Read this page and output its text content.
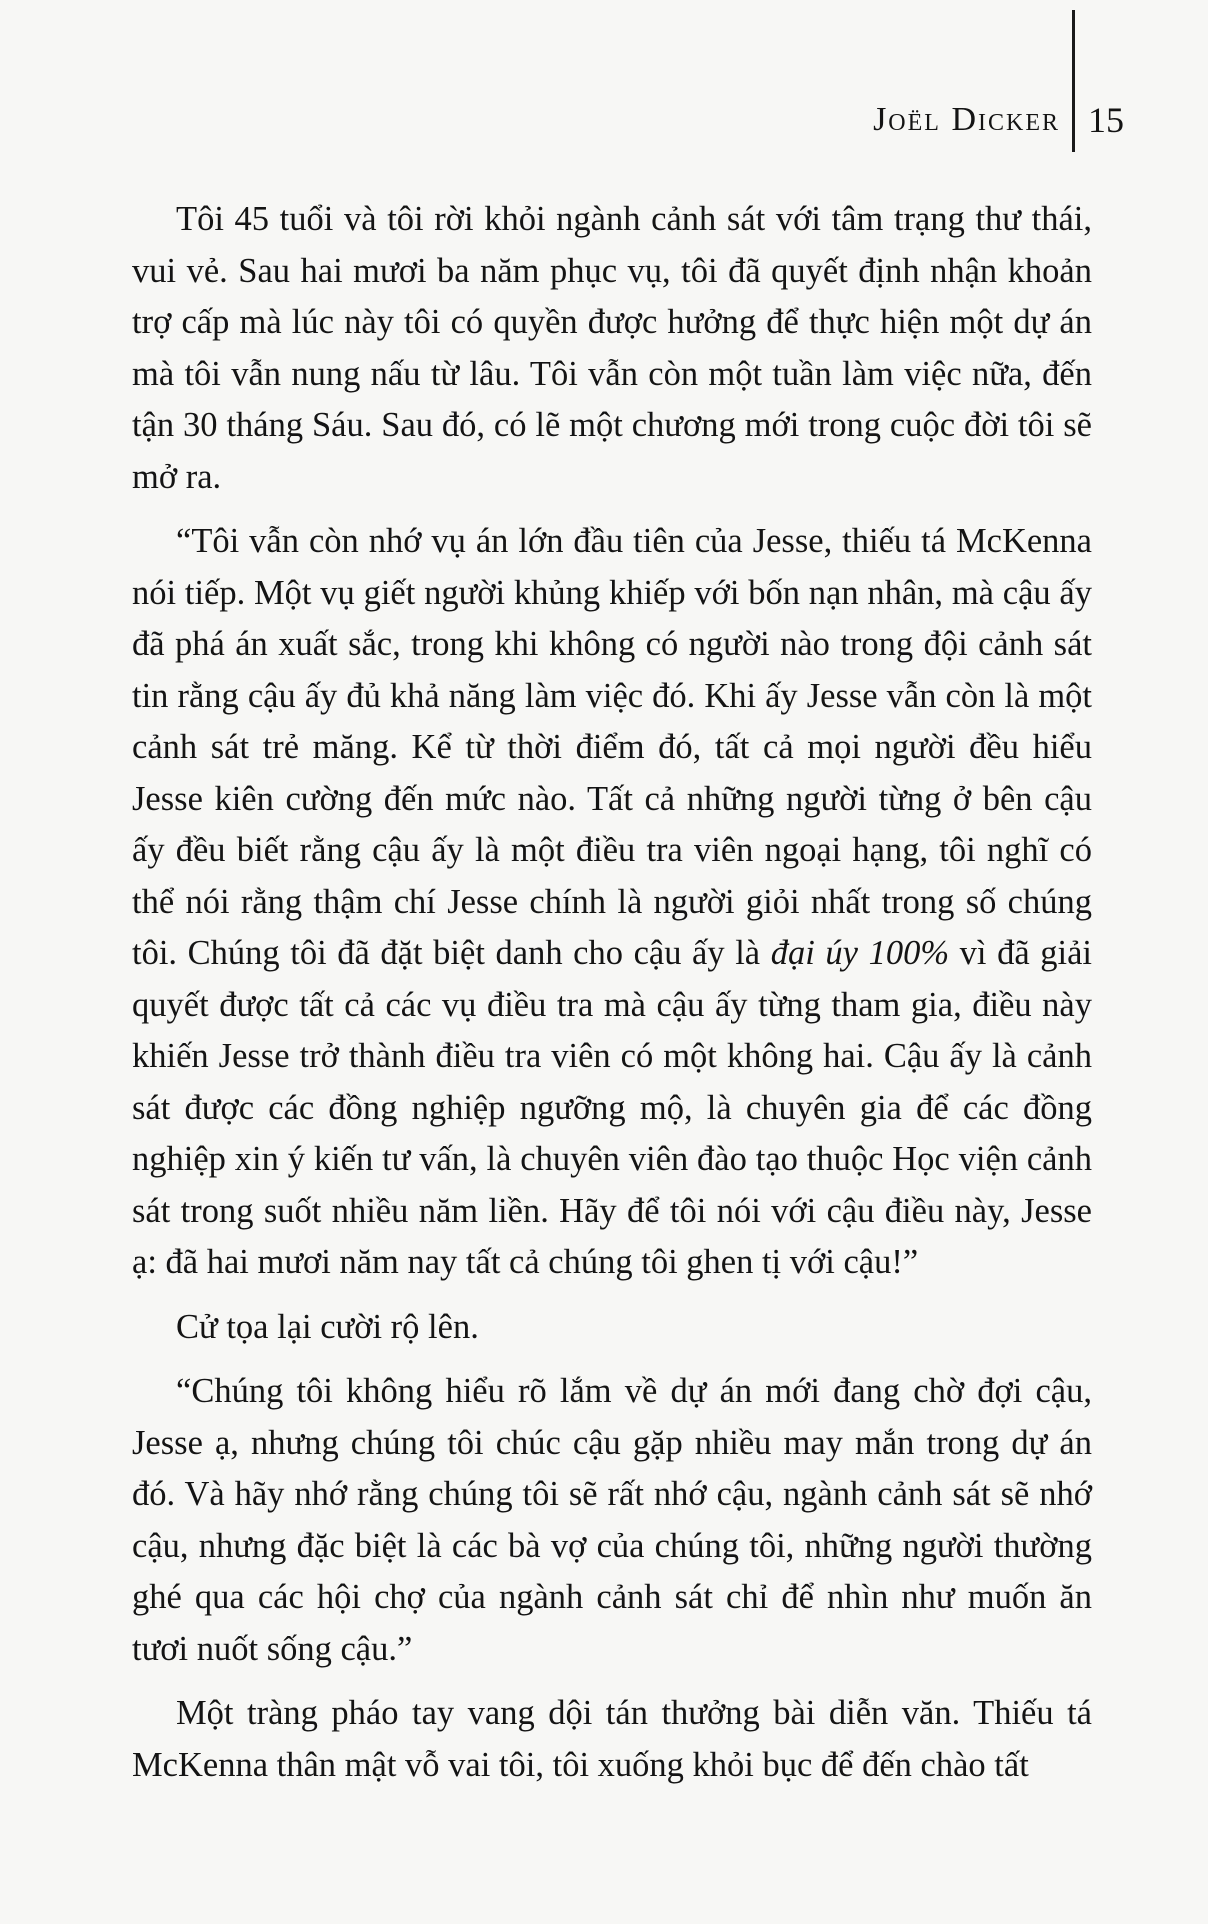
Joël Dicker 15

Tôi 45 tuổi và tôi rời khỏi ngành cảnh sát với tâm trạng thư thái, vui vẻ. Sau hai mươi ba năm phục vụ, tôi đã quyết định nhận khoản trợ cấp mà lúc này tôi có quyền được hưởng để thực hiện một dự án mà tôi vẫn nung nấu từ lâu. Tôi vẫn còn một tuần làm việc nữa, đến tận 30 tháng Sáu. Sau đó, có lẽ một chương mới trong cuộc đời tôi sẽ mở ra.

“Tôi vẫn còn nhớ vụ án lớn đầu tiên của Jesse, thiếu tá McKenna nói tiếp. Một vụ giết người khủng khiếp với bốn nạn nhân, mà cậu ấy đã phá án xuất sắc, trong khi không có người nào trong đội cảnh sát tin rằng cậu ấy đủ khả năng làm việc đó. Khi ấy Jesse vẫn còn là một cảnh sát trẻ măng. Kể từ thời điểm đó, tất cả mọi người đều hiểu Jesse kiên cường đến mức nào. Tất cả những người từng ở bên cậu ấy đều biết rằng cậu ấy là một điều tra viên ngoại hạng, tôi nghĩ có thể nói rằng thậm chí Jesse chính là người giỏi nhất trong số chúng tôi. Chúng tôi đã đặt biệt danh cho cậu ấy là đại úy 100% vì đã giải quyết được tất cả các vụ điều tra mà cậu ấy từng tham gia, điều này khiến Jesse trở thành điều tra viên có một không hai. Cậu ấy là cảnh sát được các đồng nghiệp ngưỡng mộ, là chuyên gia để các đồng nghiệp xin ý kiến tư vấn, là chuyên viên đào tạo thuộc Học viện cảnh sát trong suốt nhiều năm liền. Hãy để tôi nói với cậu điều này, Jesse ạ: đã hai mươi năm nay tất cả chúng tôi ghen tị với cậu!”

Cử tọa lại cười rộ lên.

“Chúng tôi không hiểu rõ lắm về dự án mới đang chờ đợi cậu, Jesse ạ, nhưng chúng tôi chúc cậu gặp nhiều may mắn trong dự án đó. Và hãy nhớ rằng chúng tôi sẽ rất nhớ cậu, ngành cảnh sát sẽ nhớ cậu, nhưng đặc biệt là các bà vợ của chúng tôi, những người thường ghé qua các hội chợ của ngành cảnh sát chỉ để nhìn như muốn ăn tươi nuốt sống cậu.”

Một tràng pháo tay vang dội tán thưởng bài diễn văn. Thiếu tá McKenna thân mật vỗ vai tôi, tôi xuống khỏi bục để đến chào tất
